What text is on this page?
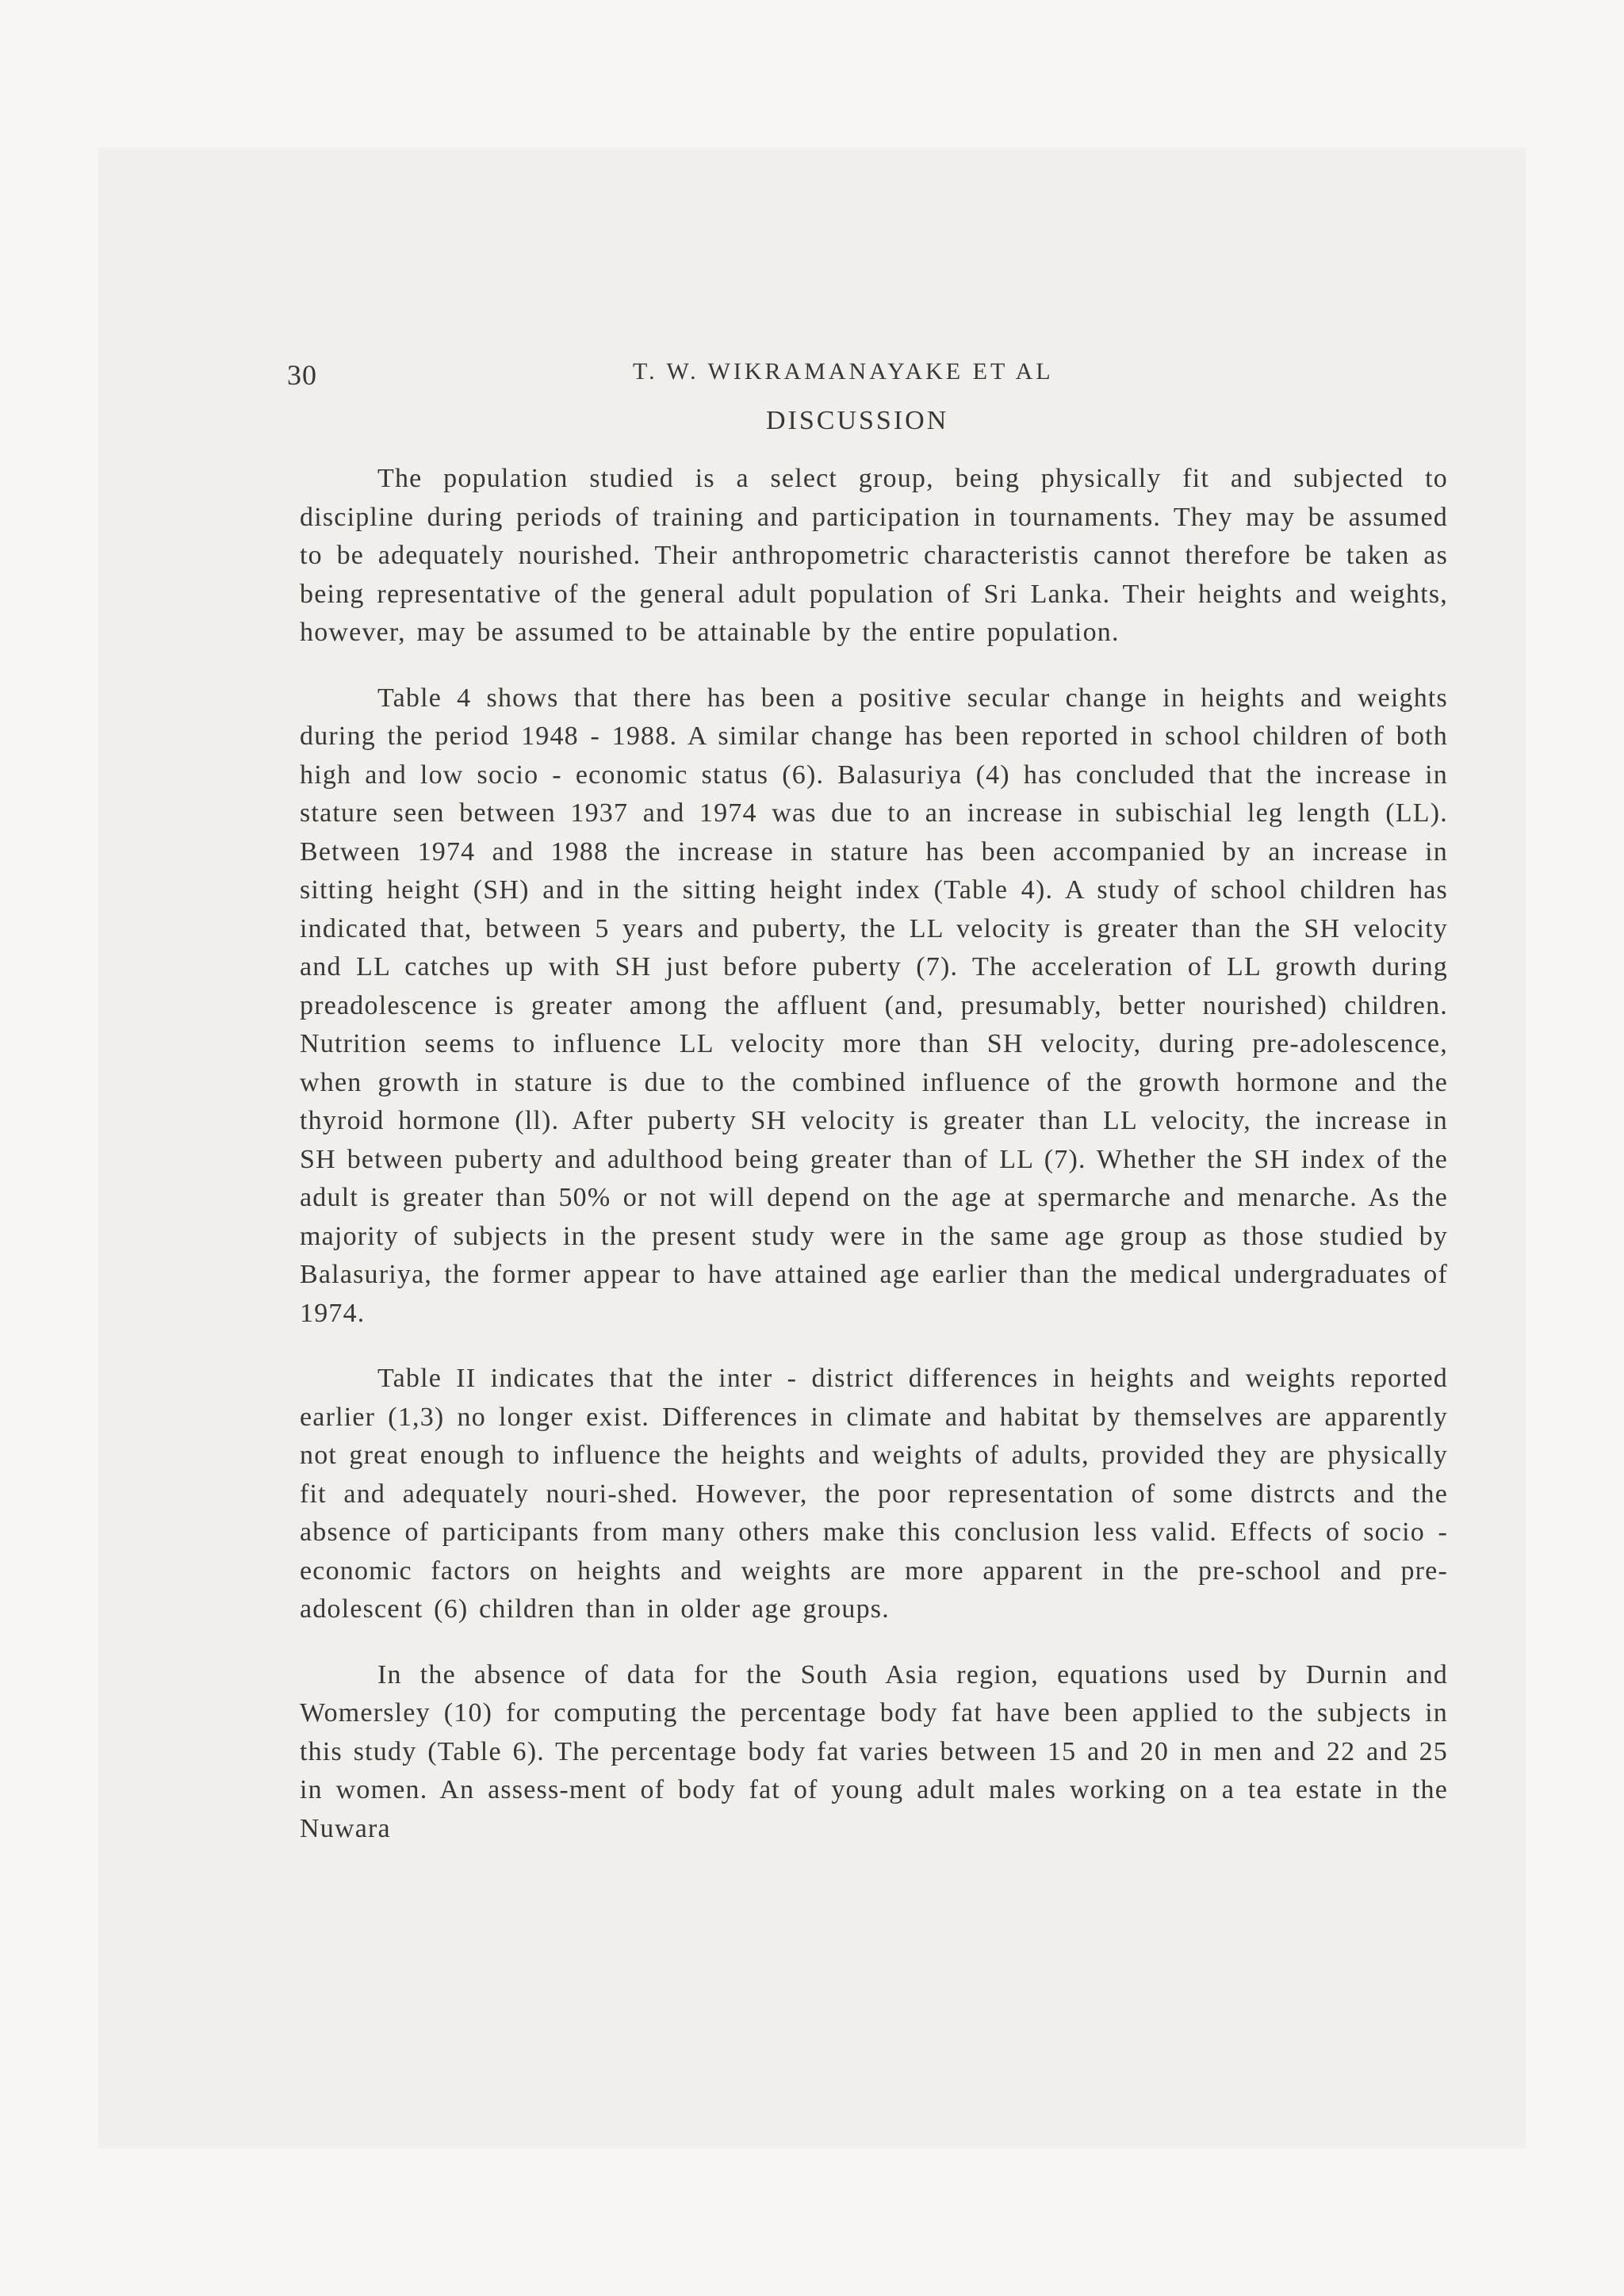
30	T. W. WIKRAMANAYAKE ET AL
DISCUSSION

The population studied is a select group, being physically fit and subjected to discipline during periods of training and participation in tournaments. They may be assumed to be adequately nourished. Their anthropometric characteristis cannot therefore be taken as being representative of the general adult population of Sri Lanka. Their heights and weights, however, may be assumed to be attainable by the entire population.

Table 4 shows that there has been a positive secular change in heights and weights during the period 1948 - 1988. A similar change has been reported in school children of both high and low socio - economic status (6). Balasuriya (4) has concluded that the increase in stature seen between 1937 and 1974 was due to an increase in subischial leg length (LL). Between 1974 and 1988 the increase in stature has been accompanied by an increase in sitting height (SH) and in the sitting height index (Table 4). A study of school children has indicated that, between 5 years and puberty, the LL velocity is greater than the SH velocity and LL catches up with SH just before puberty (7). The acceleration of LL growth during preadolescence is greater among the affluent (and, presumably, better nourished) children. Nutrition seems to influence LL velocity more than SH velocity, during pre-adolescence, when growth in stature is due to the combined influence of the growth hormone and the thyroid hormone (ll). After puberty SH velocity is greater than LL velocity, the increase in SH between puberty and adulthood being greater than of LL (7). Whether the SH index of the adult is greater than 50% or not will depend on the age at spermarche and menarche. As the majority of subjects in the present study were in the same age group as those studied by Balasuriya, the former appear to have attained age earlier than the medical undergraduates of 1974.

Table II indicates that the inter - district differences in heights and weights reported earlier (1,3) no longer exist. Differences in climate and habitat by themselves are apparently not great enough to influence the heights and weights of adults, provided they are physically fit and adequately nouri-shed. However, the poor representation of some distrcts and the absence of participants from many others make this conclusion less valid. Effects of socio - economic factors on heights and weights are more apparent in the pre-school and pre-adolescent (6) children than in older age groups.

In the absence of data for the South Asia region, equations used by Durnin and Womersley (10) for computing the percentage body fat have been applied to the subjects in this study (Table 6). The percentage body fat varies between 15 and 20 in men and 22 and 25 in women. An assess-ment of body fat of young adult males working on a tea estate in the Nuwara
